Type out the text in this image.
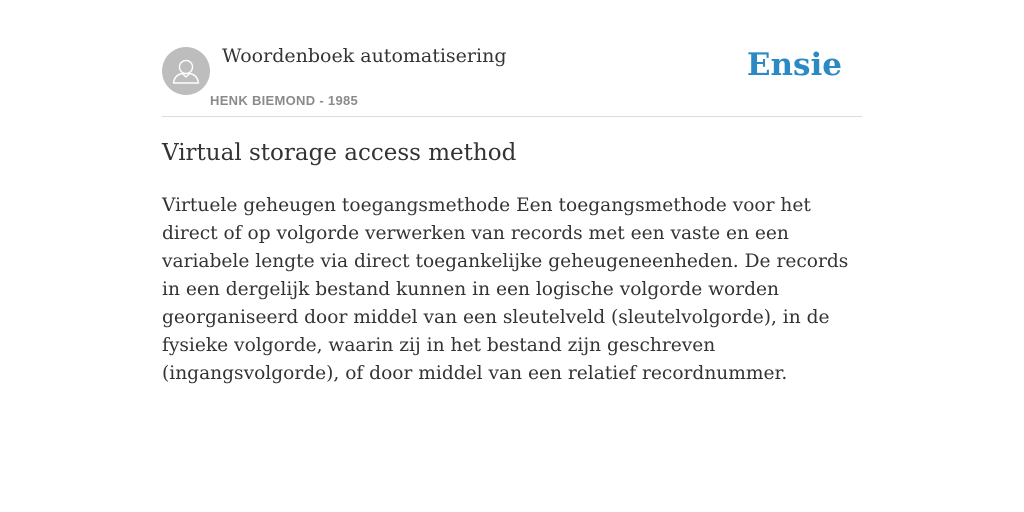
Woordenboek automatisering
HENK BIEMOND - 1985
Ensie
Virtual storage access method

Virtuele geheugen toegangsmethode Een toegangsmethode voor het direct of op volgorde verwerken van records met een vaste en een variabele lengte via direct toegankelijke geheugeneenheden. De records in een dergelijk bestand kunnen in een logische volgorde worden georganiseerd door middel van een sleutelveld (sleutelvolgorde), in de fysieke volgorde, waarin zij in het bestand zijn geschreven (ingangsvolgorde), of door middel van een relatief recordnummer.
